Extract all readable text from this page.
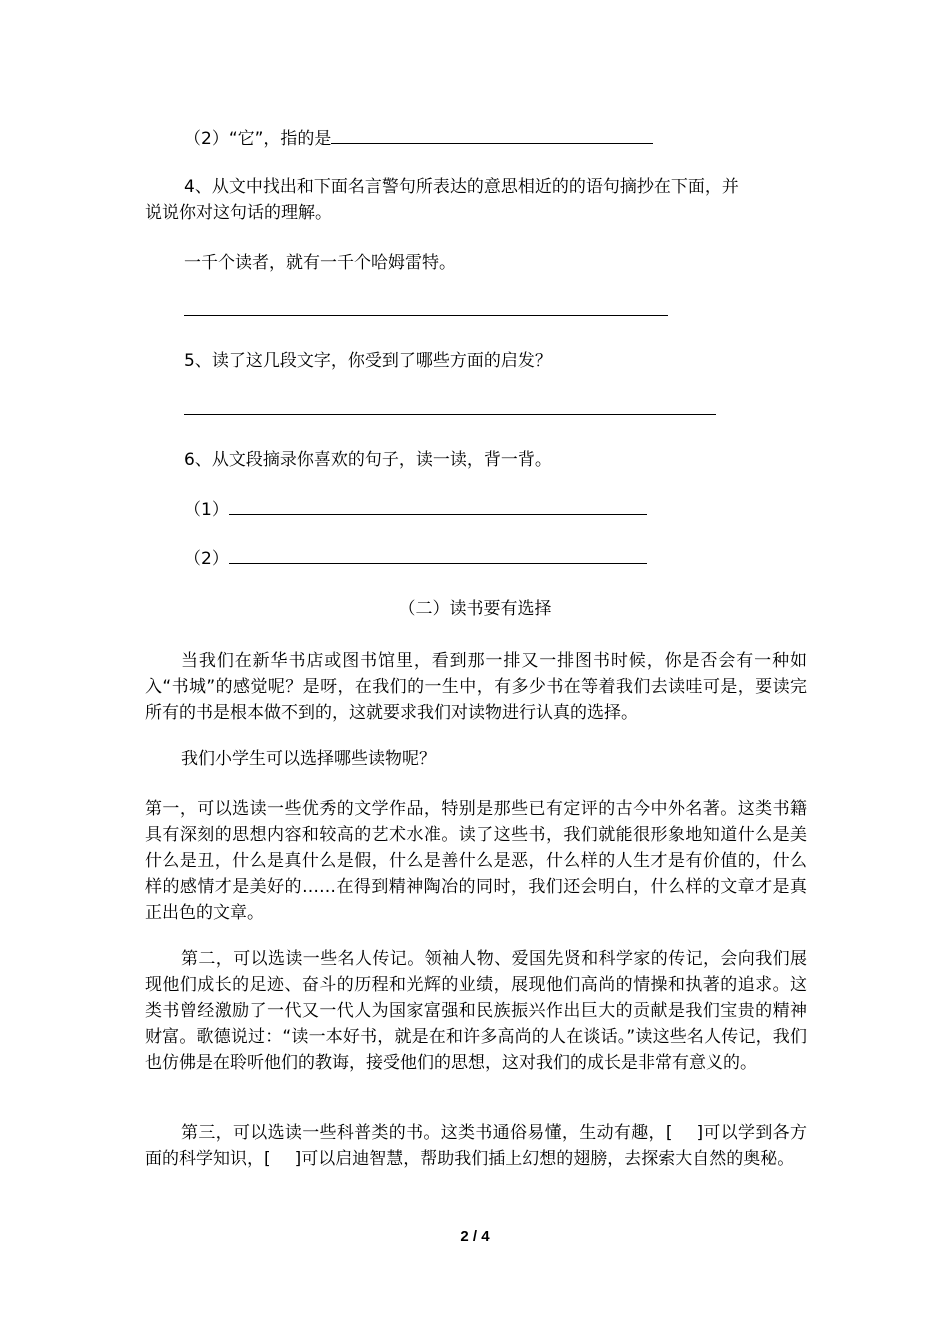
（2）“它”，指的是
4、从文中找出和下面名言警句所表达的意思相近的的语句摘抄在下面，并
说说你对这句话的理解。
一千个读者，就有一千个哈姆雷特。
5、读了这几段文字，你受到了哪些方面的启发？
6、从文段摘录你喜欢的句子，读一读，背一背。
（1）
（2）
（二）读书要有选择
当我们在新华书店或图书馆里，看到那一排又一排图书时候，你是否会有一种如入“书城”的感觉呢？是呀，在我们的一生中，有多少书在等着我们去读哇可是，要读完所有的书是根本做不到的，这就要求我们对读物进行认真的选择。
我们小学生可以选择哪些读物呢？
第一，可以选读一些优秀的文学作品，特别是那些已有定评的古今中外名著。这类书籍具有深刻的思想内容和较高的艺术水准。读了这些书，我们就能很形象地知道什么是美什么是丑，什么是真什么是假，什么是善什么是恶，什么样的人生才是有价值的，什么样的感情才是美好的……在得到精神陶冶的同时，我们还会明白，什么样的文章才是真正出色的文章。
第二，可以选读一些名人传记。领袖人物、爱国先贤和科学家的传记，会向我们展现他们成长的足迹、奋斗的历程和光辉的业绩，展现他们高尚的情操和执著的追求。这类书曾经激励了一代又一代人为国家富强和民族振兴作出巨大的贡献是我们宝贵的精神财富。歌德说过：“读一本好书，就是在和许多高尚的人在谈话。”读这些名人传记，我们也仿佛是在聆听他们的教诲，接受他们的思想，这对我们的成长是非常有意义的。
第三，可以选读一些科普类的书。这类书通俗易懂，生动有趣，[ ]可以学到各方面的科学知识，[ ]可以启迪智慧，帮助我们插上幻想的翅膀，去探索大自然的奥秘。
2 / 4
